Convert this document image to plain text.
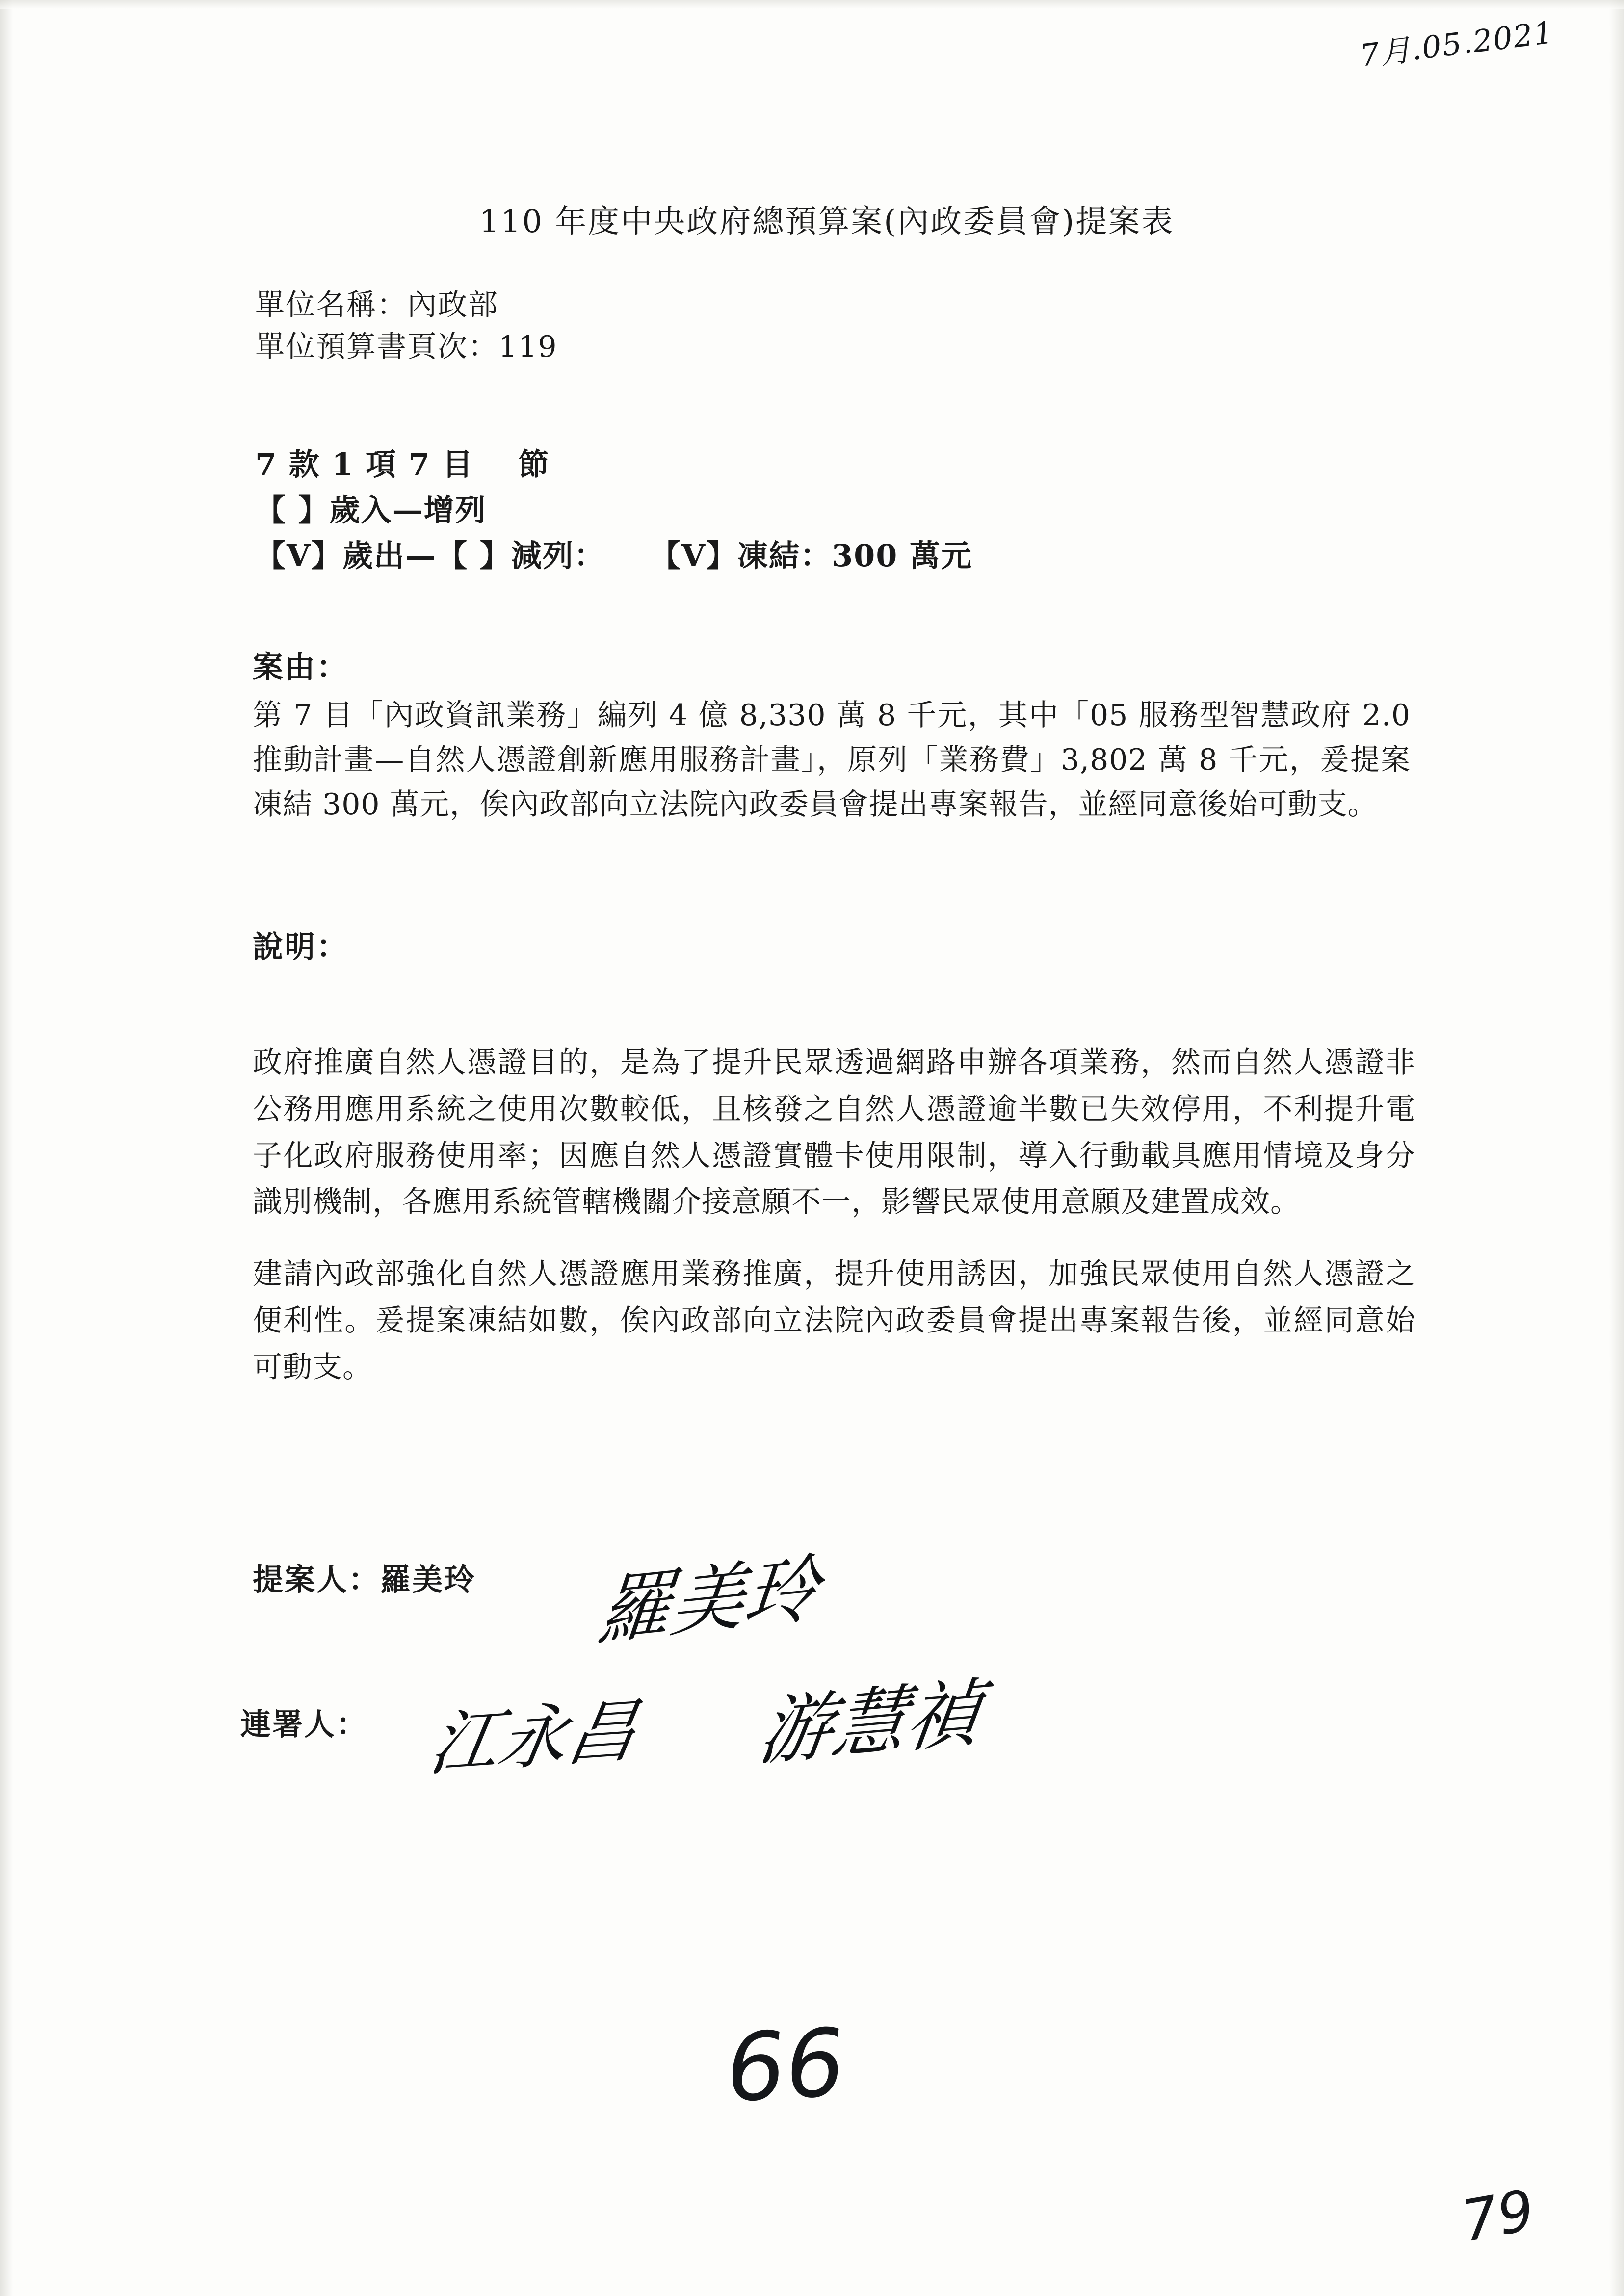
7月.05.2021
110 年度中央政府總預算案(內政委員會)提案表
單位名稱：內政部
單位預算書頁次：119
7 款 1 項 7 目 節
【 】歲入—增列
【V】歲出—【 】減列： 【V】凍結：300 萬元
案由：
第 7 目「內政資訊業務」編列 4 億 8,330 萬 8 千元，其中「05 服務型智慧政府 2.0 推動計畫—自然人憑證創新應用服務計畫」，原列「業務費」3,802 萬 8 千元，爰提案凍結 300 萬元，俟內政部向立法院內政委員會提出專案報告，並經同意後始可動支。
說明：
政府推廣自然人憑證目的，是為了提升民眾透過網路申辦各項業務，然而自然人憑證非公務用應用系統之使用次數較低，且核發之自然人憑證逾半數已失效停用，不利提升電子化政府服務使用率；因應自然人憑證實體卡使用限制，導入行動載具應用情境及身分識別機制，各應用系統管轄機關介接意願不一，影響民眾使用意願及建置成效。
建請內政部強化自然人憑證應用業務推廣，提升使用誘因，加強民眾使用自然人憑證之便利性。爰提案凍結如數，俟內政部向立法院內政委員會提出專案報告後，並經同意始可動支。
提案人：羅美玲
連署人：
羅美玲
江永昌 游慧禎
66
79
